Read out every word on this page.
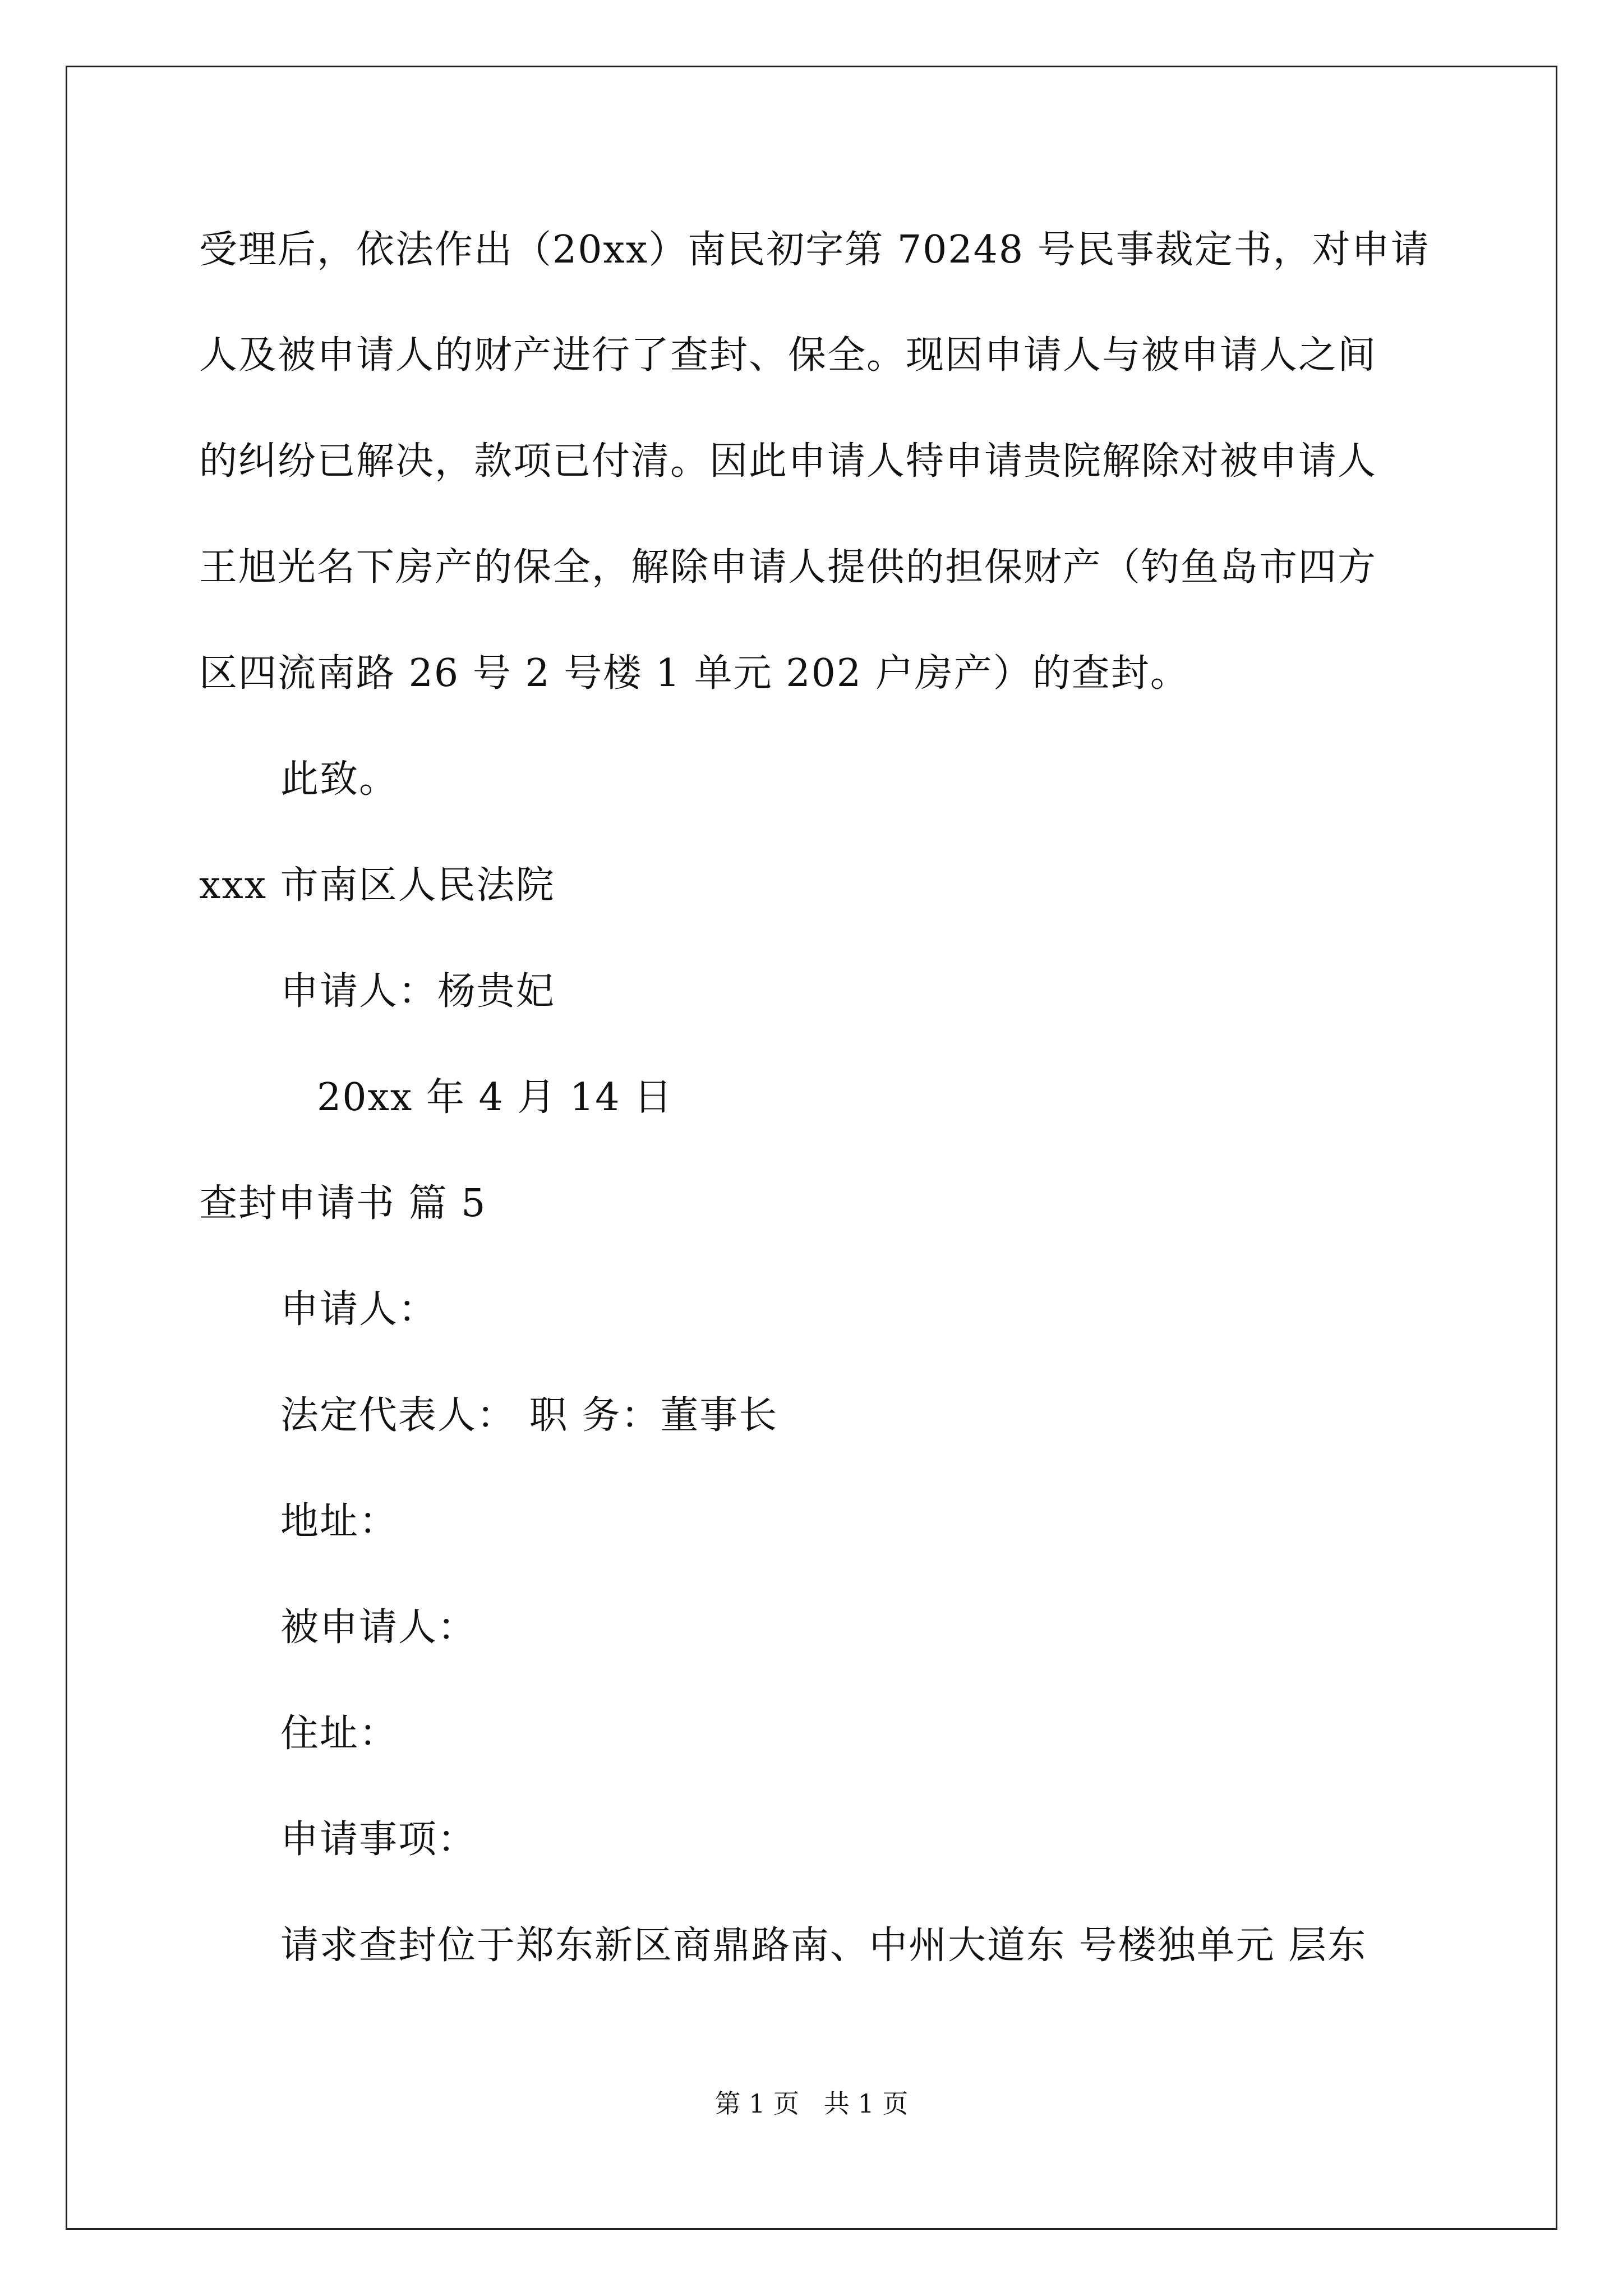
受理后，依法作出（20xx）南民初字第 70248 号民事裁定书，对申请
人及被申请人的财产进行了查封、保全。现因申请人与被申请人之间
的纠纷已解决，款项已付清。因此申请人特申请贵院解除对被申请人
王旭光名下房产的保全，解除申请人提供的担保财产（钓鱼岛市四方
区四流南路 26 号 2 号楼 1 单元 202 户房产）的查封。
此致。
xxx 市南区人民法院
申请人：杨贵妃
20xx 年 4 月 14 日
查封申请书 篇 5
申请人：
法定代表人： 职 务：董事长
地址：
被申请人：
住址：
申请事项：
请求查封位于郑东新区商鼎路南、中州大道东 号楼独单元 层东
第 1 页   共 1 页
